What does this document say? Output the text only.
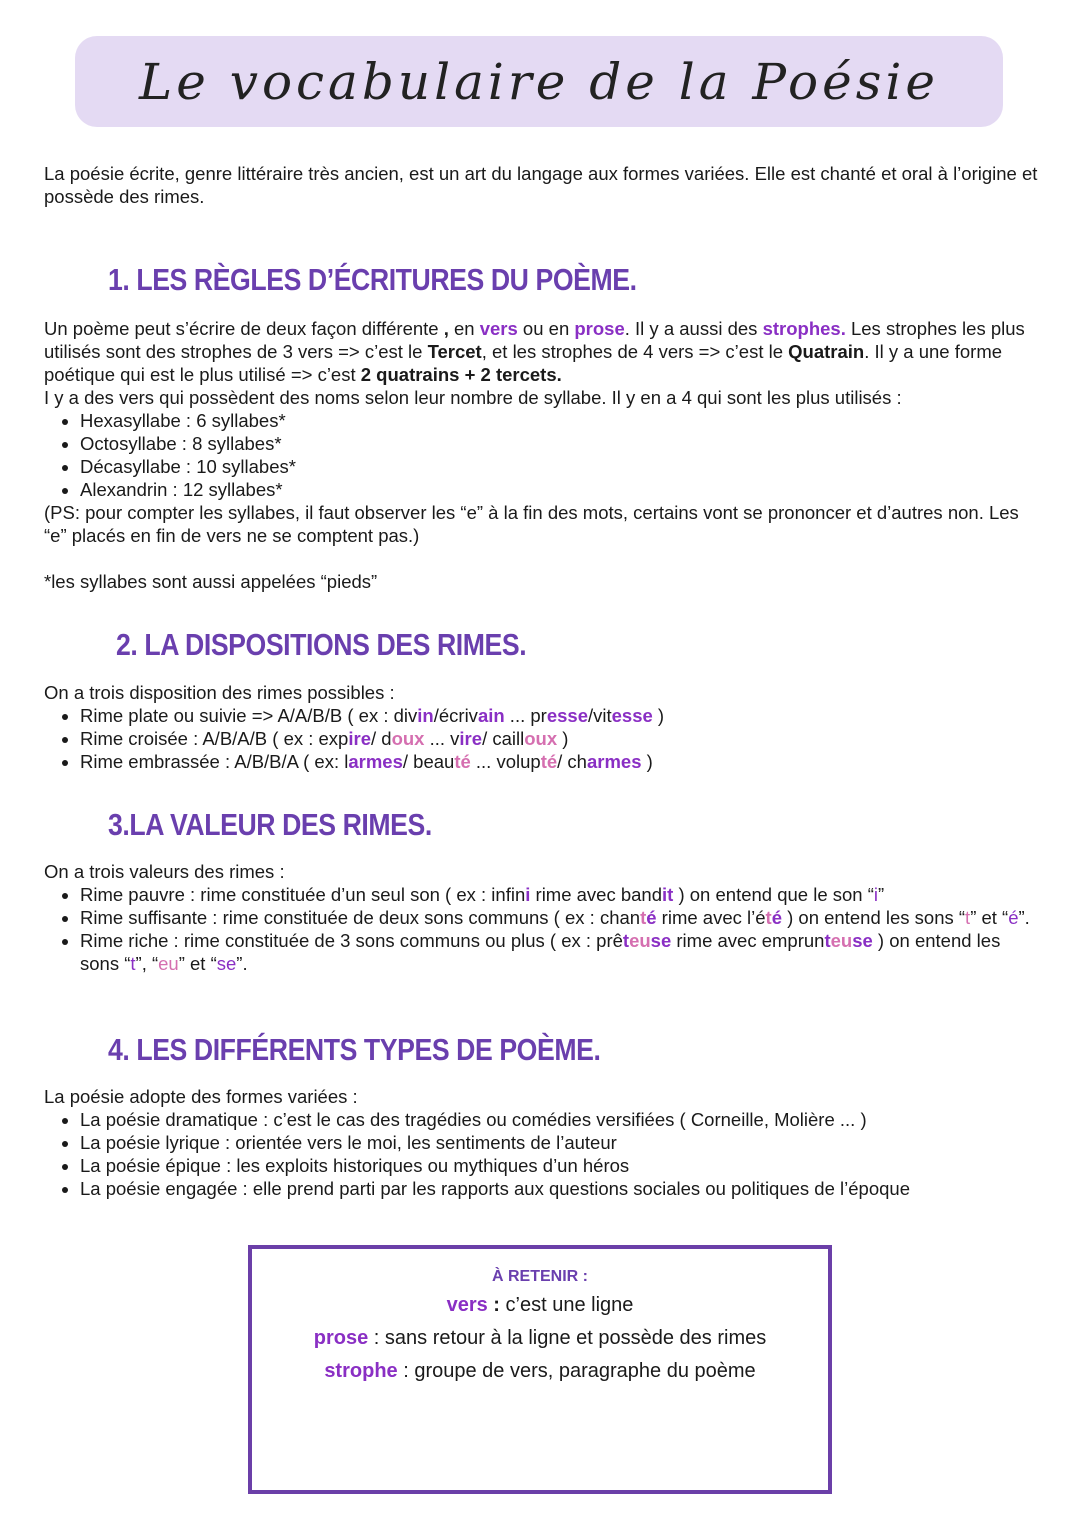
Le vocabulaire de la Poésie

La poésie écrite, genre littéraire très ancien, est un art du langage aux formes variées. Elle est chanté et oral à l’origine et possède des rimes.

1. LES RÈGLES D’ÉCRITURES DU POÈME.

Un poème peut s’écrire de deux façon différente , en vers ou en prose. Il y a aussi des strophes. Les strophes les plus utilisés sont des strophes de 3 vers => c’est le Tercet, et les strophes de 4 vers => c’est le Quatrain. Il y a une forme poétique qui est le plus utilisé => c’est 2 quatrains + 2 tercets.

I y a des vers qui possèdent des noms selon leur nombre de syllabe. Il y en a 4 qui sont les plus utilisés :

• Hexasyllabe : 6 syllabes*
• Octosyllabe : 8 syllabes*
• Décasyllabe : 10 syllabes*
• Alexandrin : 12 syllabes*

(PS: pour compter les syllabes, il faut observer les “e” à la fin des mots, certains vont se prononcer et d’autres non. Les “e” placés en fin de vers ne se comptent pas.)

*les syllabes sont aussi appelées “pieds”

2. LA DISPOSITIONS DES RIMES.

On a trois disposition des rimes possibles :

• Rime plate ou suivie => A/A/B/B ( ex : divin/écrivain ... presse/vitesse )
• Rime croisée : A/B/A/B ( ex : expire/ doux ... vire/ cailloux )
• Rime embrassée : A/B/B/A ( ex: larmes/ beauté ... volupté/ charmes )
3.LA VALEUR DES RIMES.

On a trois valeurs des rimes :

• Rime pauvre : rime constituée d’un seul son ( ex : infini rime avec bandit ) on entend que le son “i”
• Rime suffisante : rime constituée de deux sons communs ( ex : chanté rime avec l’été ) on entend les sons “t” et “é”.
• Rime riche : rime constituée de 3 sons communs ou plus ( ex : prêteuse rime avec emprunteuse ) on entend les sons “t”, “eu” et “se”.
4. LES DIFFÉRENTS TYPES DE POÈME.

La poésie adopte des formes variées :

• La poésie dramatique : c’est le cas des tragédies ou comédies versifiées ( Corneille, Molière ... )
• La poésie lyrique : orientée vers le moi, les sentiments de l’auteur
• La poésie épique : les exploits historiques ou mythiques d’un héros
• La poésie engagée : elle prend parti par les rapports aux questions sociales ou politiques de l’époque
À RETENIR :

vers : c’est une ligne

prose : sans retour à la ligne et possède des rimes

strophe : groupe de vers, paragraphe du poème
